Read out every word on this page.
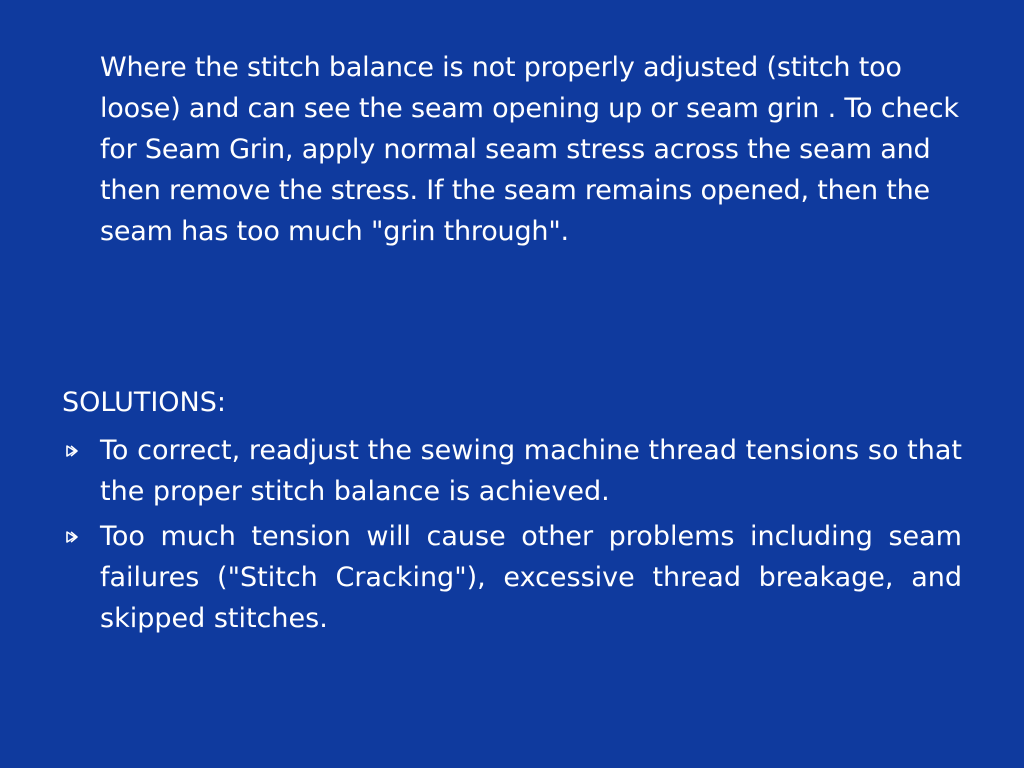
Where the stitch balance is not properly adjusted (stitch too loose) and can see the seam opening up or seam grin . To check for Seam Grin, apply normal seam stress across the seam and then remove the stress. If the seam remains opened, then the seam has too much "grin through".

SOLUTIONS:

To correct, readjust the sewing machine thread tensions so that the proper stitch balance is achieved.
Too much tension will cause other problems including seam failures ("Stitch Cracking"), excessive thread breakage, and skipped stitches.
